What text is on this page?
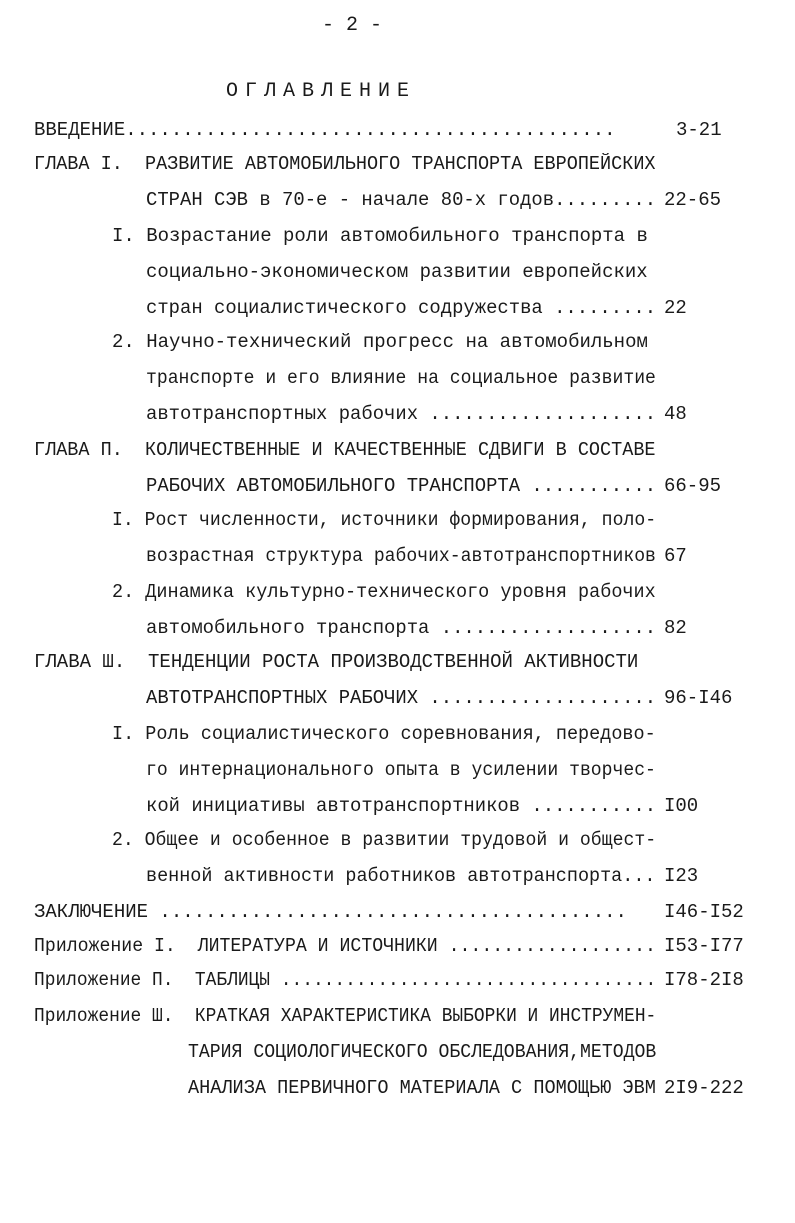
- 2 -
ОГЛАВЛЕНИЕ
ВВЕДЕНИЕ...........................................	3-21
ГЛАВА I.  РАЗВИТИЕ АВТОМОБИЛЬНОГО ТРАНСПОРТА ЕВРОПЕЙСКИХ
СТРАН СЭВ в 70-е - начале 80-х годов......... 22-65
I. Возрастание роли автомобильного транспорта в
социально-экономическом развитии европейских
стран социалистического содружества ......... 22
2. Научно-технический прогресс на автомобильном
транспорте и его влияние на социальное развитие
автотранспортных рабочих .................... 48
ГЛАВА П.  КОЛИЧЕСТВЕННЫЕ И КАЧЕСТВЕННЫЕ СДВИГИ В СОСТАВЕ
РАБОЧИХ АВТОМОБИЛЬНОГО ТРАНСПОРТА ........... 66-95
I. Рост численности, источники формирования, поло-
возрастная структура рабочих-автотранспортников 67
2. Динамика культурно-технического уровня рабочих
автомобильного транспорта ................... 82
ГЛАВА Ш.  ТЕНДЕНЦИИ РОСТА ПРОИЗВОДСТВЕННОЙ АКТИВНОСТИ
АВТОТРАНСПОРТНЫХ РАБОЧИХ .................... 96-I46
I. Роль социалистического соревнования, передово-
го интернационального опыта в усилении творчес-
кой инициативы автотранспортников ........... I00
2. Общее и особенное в развитии трудовой и общест-
венной активности работников автотранспорта... I23
ЗАКЛЮЧЕНИЕ ......................................... I46-I52
Приложение I.  ЛИТЕРАТУРА И ИСТОЧНИКИ ................... I53-I77
Приложение П.  ТАБЛИЦЫ ................................... I78-2I8
Приложение Ш.  КРАТКАЯ ХАРАКТЕРИСТИКА ВЫБОРКИ И ИНСТРУМЕН-
ТАРИЯ СОЦИОЛОГИЧЕСКОГО ОБСЛЕДОВАНИЯ,МЕТОДОВ
АНАЛИЗА ПЕРВИЧНОГО МАТЕРИАЛА С ПОМОЩЬЮ ЭВМ 2I9-222
